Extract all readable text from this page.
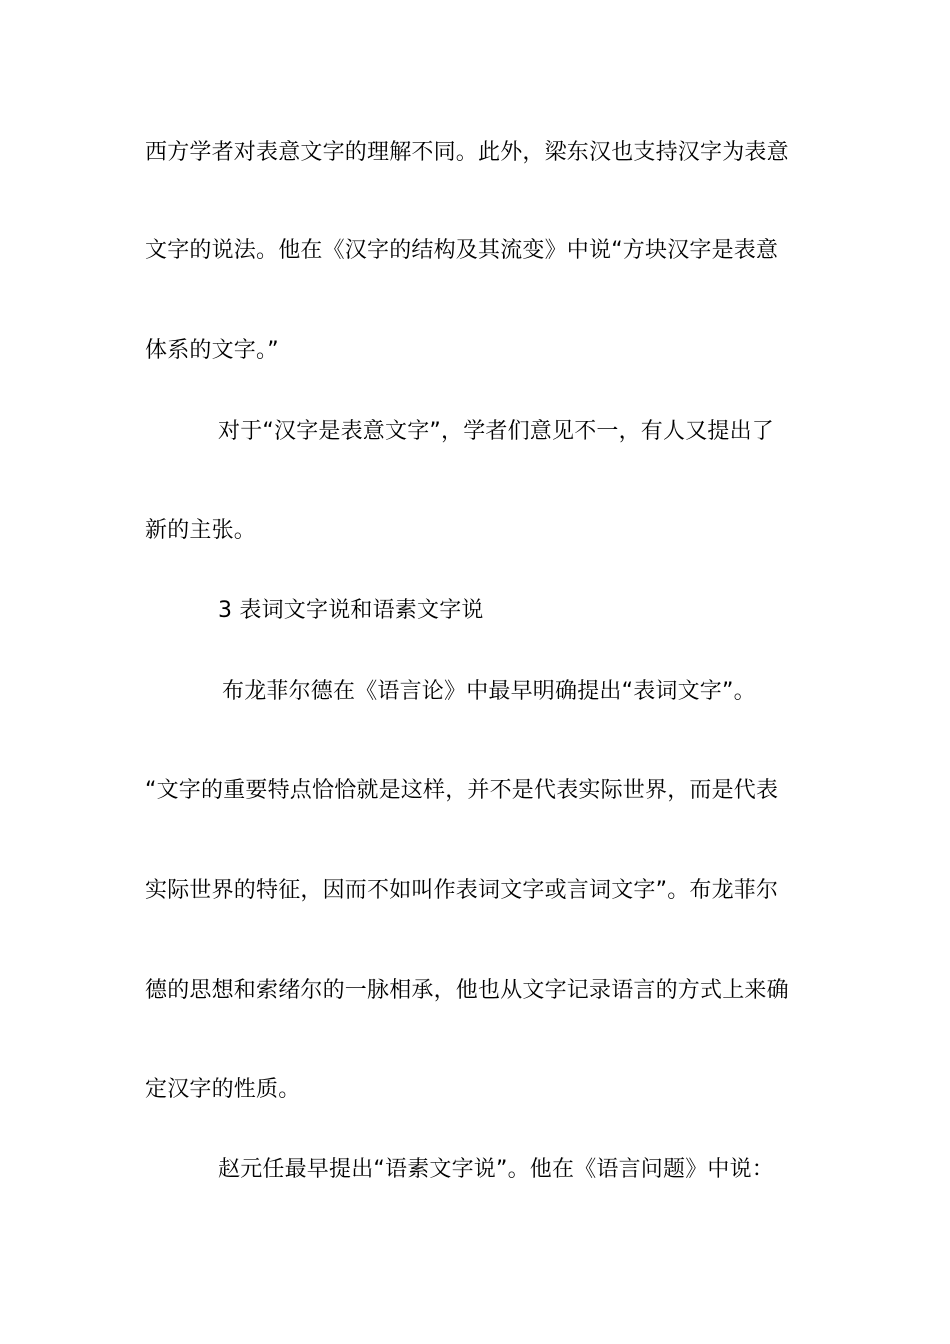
西方学者对表意文字的理解不同。此外，梁东汉也支持汉字为表意
文字的说法。他在《汉字的结构及其流变》中说“方块汉字是表意
体系的文字。”
对于“汉字是表意文字”，学者们意见不一，有人又提出了
新的主张。
3 表词文字说和语素文字说
布龙菲尔德在《语言论》中最早明确提出“表词文字”。
“文字的重要特点恰恰就是这样，并不是代表实际世界，而是代表
实际世界的特征，因而不如叫作表词文字或言词文字”。布龙菲尔
德的思想和索绪尔的一脉相承，他也从文字记录语言的方式上来确
定汉字的性质。
赵元任最早提出“语素文字说”。他在《语言问题》中说：
